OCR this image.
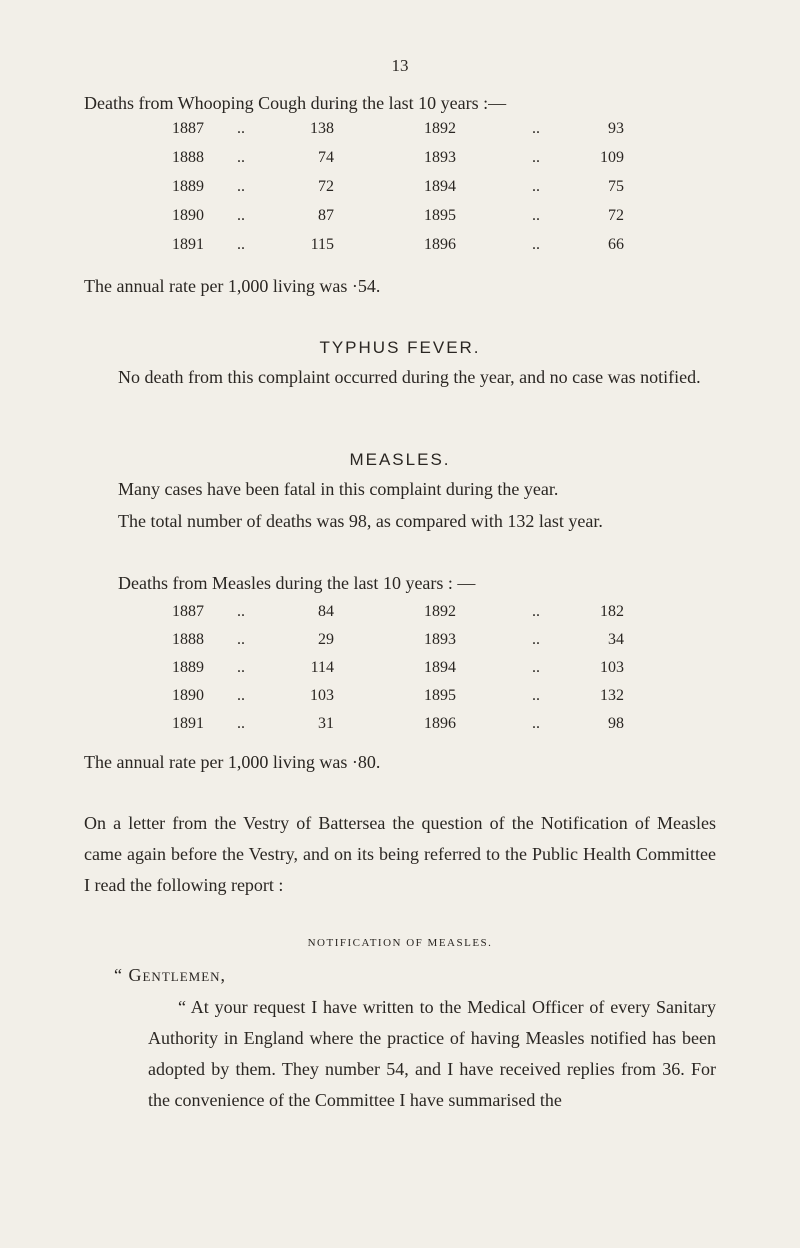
13

Deaths from Whooping Cough during the last 10 years :—

1887 ..	138	1892	..	93
1888 ..	74	1893	..	109
1889 ..	72	1894	..	75
1890 ..	87	1895	..	72
1891 ..	115	1896	..	66

The annual rate per 1,000 living was ·54.

TYPHUS FEVER.

No death from this complaint occurred during the year, and no case was notified.

MEASLES.

Many cases have been fatal in this complaint during the year.

The total number of deaths was 98, as compared with 132 last year.

Deaths from Measles during the last 10 years : —

1887 ..	84	1892	..	182
1888 ..	29	1893	..	34
1889 ..	114	1894	..	103
1890 ..	103	1895	..	132
1891 ..	31	1896	..	98

The annual rate per 1,000 living was ·80.

On a letter from the Vestry of Battersea the question of the Notification of Measles came again before the Vestry, and on its being referred to the Public Health Committee I read the following report :

NOTIFICATION OF MEASLES.

“ Gentlemen,

“ At your request I have written to the Medical Officer of every Sanitary Authority in England where the practice of having Measles notified has been adopted by them. They number 54, and I have received replies from 36. For the convenience of the Committee I have summarised the
